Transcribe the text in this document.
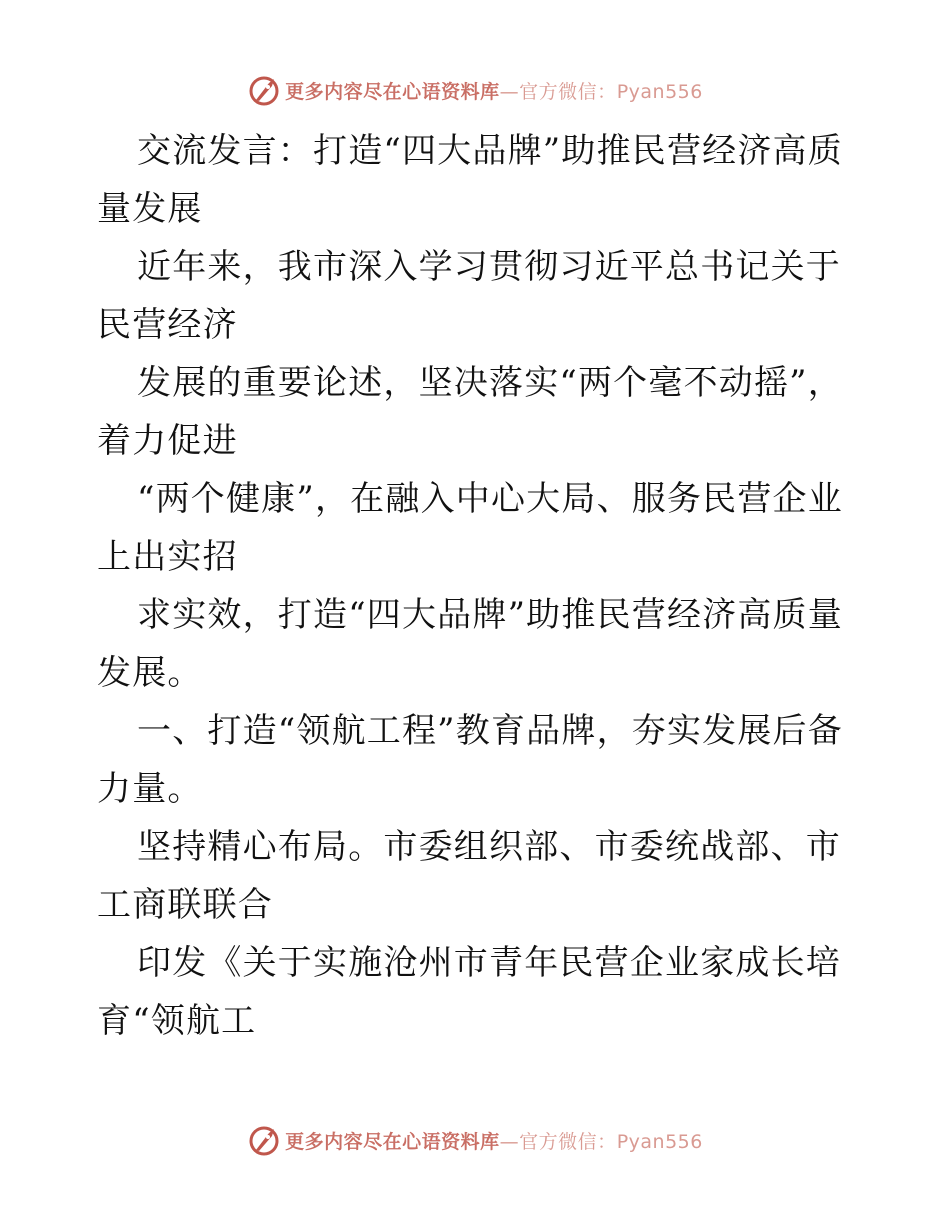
更多内容尽在心语资料库—官方微信：Pyan556

交流发言：打造“四大品牌”助推民营经济高质量发展

近年来，我市深入学习贯彻习近平总书记关于民营经济

发展的重要论述，坚决落实“两个毫不动摇”，着力促进

“两个健康”，在融入中心大局、服务民营企业上出实招

求实效，打造“四大品牌”助推民营经济高质量发展。

一、打造“领航工程”教育品牌，夯实发展后备力量。

坚持精心布局。市委组织部、市委统战部、市工商联联合

印发《关于实施沧州市青年民营企业家成长培育“领航工

更多内容尽在心语资料库—官方微信：Pyan556
